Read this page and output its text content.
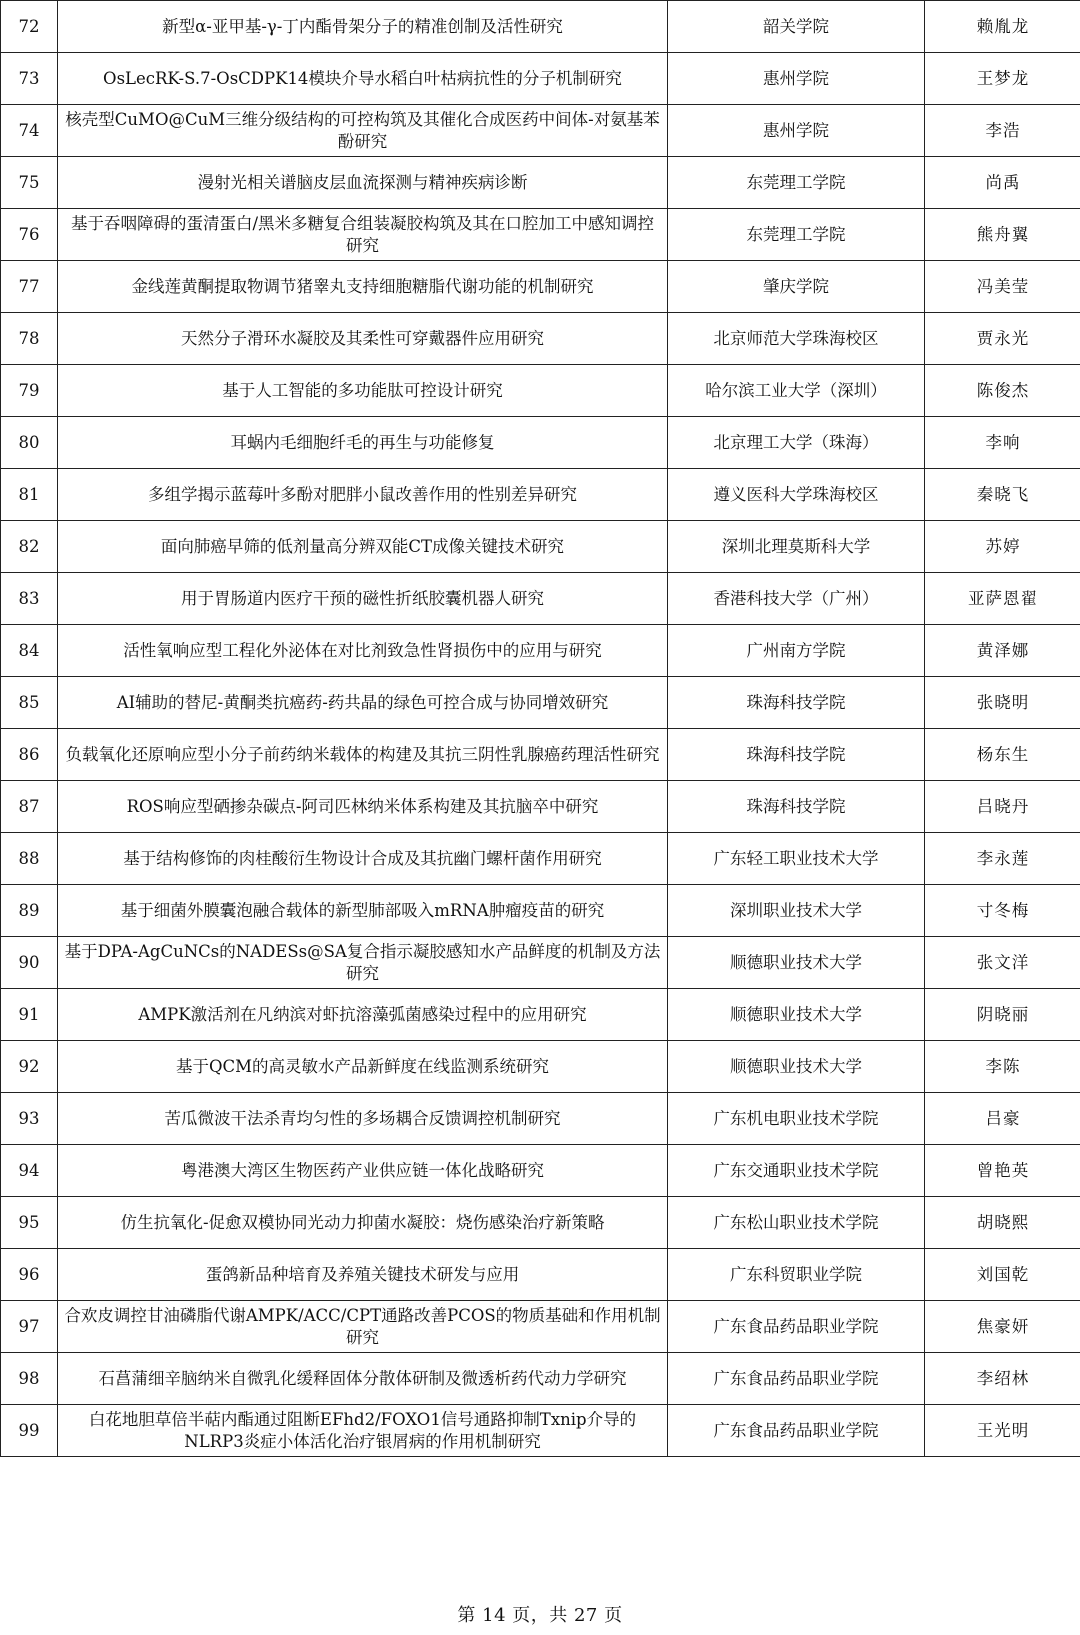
72	新型α-亚甲基-γ-丁内酯骨架分子的精准创制及活性研究	韶关学院	赖胤龙
73	OsLecRK-S.7-OsCDPK14模块介导水稻白叶枯病抗性的分子机制研究	惠州学院	王梦龙
74	核壳型CuMO@CuM三维分级结构的可控构筑及其催化合成医药中间体-对氨基苯酚研究	惠州学院	李浩
75	漫射光相关谱脑皮层血流探测与精神疾病诊断	东莞理工学院	尚禹
76	基于吞咽障碍的蛋清蛋白/黑米多糖复合组装凝胶构筑及其在口腔加工中感知调控研究	东莞理工学院	熊舟翼
77	金线莲黄酮提取物调节猪睾丸支持细胞糖脂代谢功能的机制研究	肇庆学院	冯美莹
78	天然分子滑环水凝胶及其柔性可穿戴器件应用研究	北京师范大学珠海校区	贾永光
79	基于人工智能的多功能肽可控设计研究	哈尔滨工业大学（深圳）	陈俊杰
80	耳蜗内毛细胞纤毛的再生与功能修复	北京理工大学（珠海）	李响
81	多组学揭示蓝莓叶多酚对肥胖小鼠改善作用的性别差异研究	遵义医科大学珠海校区	秦晓飞
82	面向肺癌早筛的低剂量高分辨双能CT成像关键技术研究	深圳北理莫斯科大学	苏婷
83	用于胃肠道内医疗干预的磁性折纸胶囊机器人研究	香港科技大学（广州）	亚萨恩翟
84	活性氧响应型工程化外泌体在对比剂致急性肾损伤中的应用与研究	广州南方学院	黄泽娜
85	AI辅助的替尼-黄酮类抗癌药-药共晶的绿色可控合成与协同增效研究	珠海科技学院	张晓明
86	负载氧化还原响应型小分子前药纳米载体的构建及其抗三阴性乳腺癌药理活性研究	珠海科技学院	杨东生
87	ROS响应型硒掺杂碳点-阿司匹林纳米体系构建及其抗脑卒中研究	珠海科技学院	吕晓丹
88	基于结构修饰的肉桂酸衍生物设计合成及其抗幽门螺杆菌作用研究	广东轻工职业技术大学	李永莲
89	基于细菌外膜囊泡融合载体的新型肺部吸入mRNA肿瘤疫苗的研究	深圳职业技术大学	寸冬梅
90	基于DPA-AgCuNCs的NADESs@SA复合指示凝胶感知水产品鲜度的机制及方法研究	顺德职业技术大学	张文洋
91	AMPK激活剂在凡纳滨对虾抗溶藻弧菌感染过程中的应用研究	顺德职业技术大学	阴晓丽
92	基于QCM的高灵敏水产品新鲜度在线监测系统研究	顺德职业技术大学	李陈
93	苦瓜微波干法杀青均匀性的多场耦合反馈调控机制研究	广东机电职业技术学院	吕豪
94	粤港澳大湾区生物医药产业供应链一体化战略研究	广东交通职业技术学院	曾艳英
95	仿生抗氧化-促愈双模协同光动力抑菌水凝胶：烧伤感染治疗新策略	广东松山职业技术学院	胡晓熙
96	蛋鸽新品种培育及养殖关键技术研发与应用	广东科贸职业学院	刘国乾
97	合欢皮调控甘油磷脂代谢AMPK/ACC/CPT通路改善PCOS的物质基础和作用机制研究	广东食品药品职业学院	焦豪妍
98	石菖蒲细辛脑纳米自微乳化缓释固体分散体研制及微透析药代动力学研究	广东食品药品职业学院	李绍林
99	白花地胆草倍半萜内酯通过阻断EFhd2/FOXO1信号通路抑制Txnip介导的NLRP3炎症小体活化治疗银屑病的作用机制研究	广东食品药品职业学院	王光明
第 14 页，共 27 页
